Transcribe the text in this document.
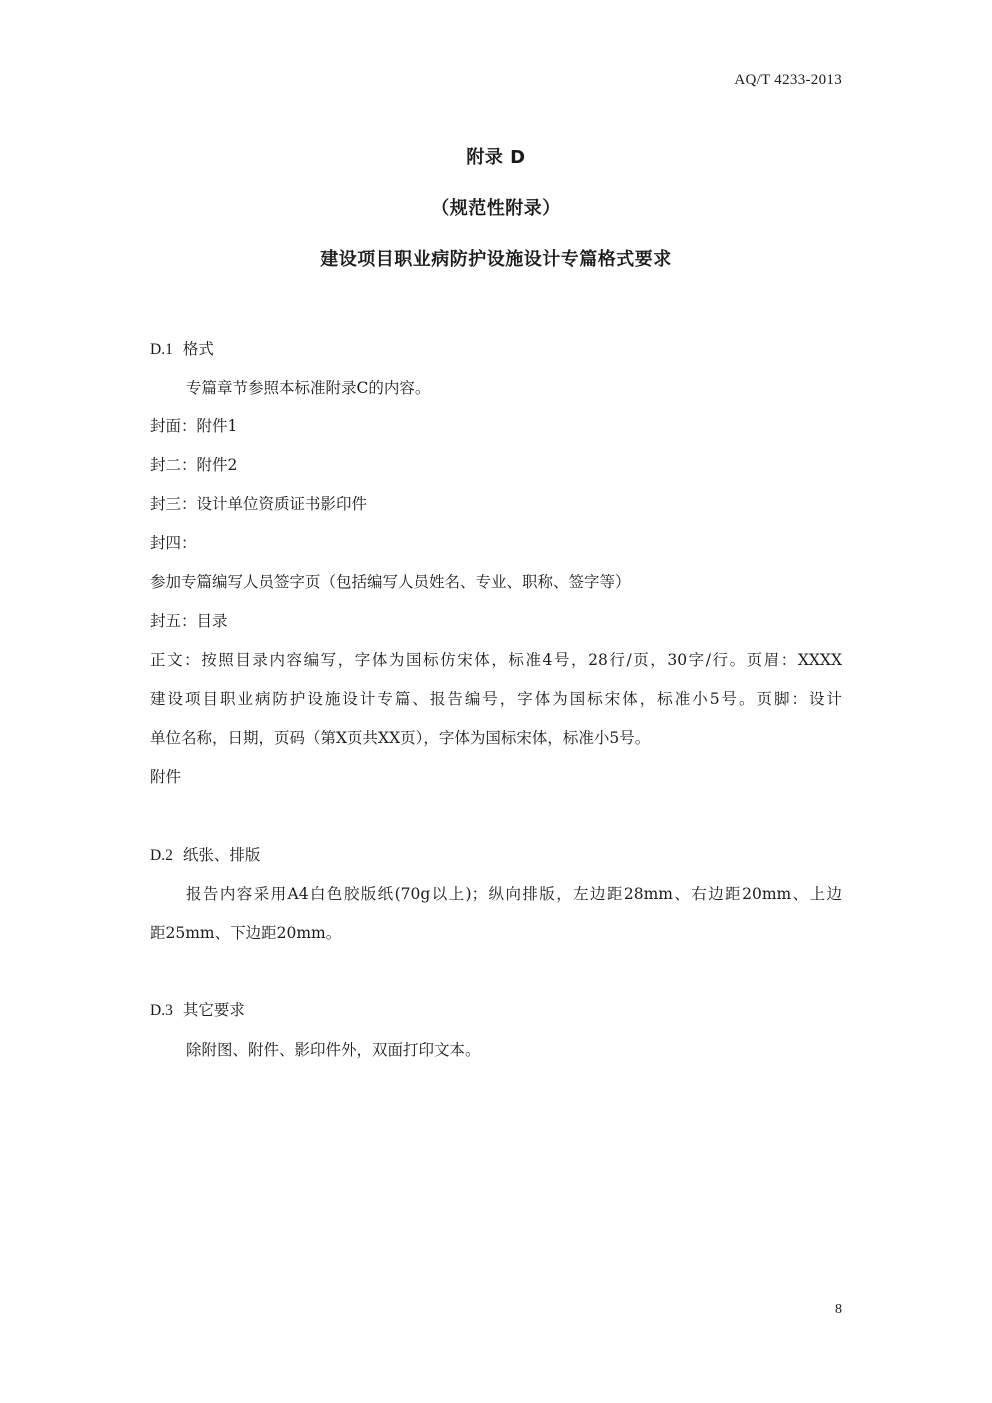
AQ/T 4233-2013
附录 D
（规范性附录）
建设项目职业病防护设施设计专篇格式要求
D.1 格式
专篇章节参照本标准附录C的内容。
封面：附件1
封二：附件2
封三：设计单位资质证书影印件
封四：
参加专篇编写人员签字页（包括编写人员姓名、专业、职称、签字等）
封五：目录
正文：按照目录内容编写，字体为国标仿宋体，标准4号，28行/页，30字/行。页眉：XXXX
建设项目职业病防护设施设计专篇、报告编号，字体为国标宋体，标准小5号。页脚：设计
单位名称，日期，页码（第X页共XX页），字体为国标宋体，标准小5号。
附件
D.2 纸张、排版
报告内容采用A4白色胶版纸(70g以上)；纵向排版，左边距28mm、右边距20mm、上边
距25mm、下边距20mm。
D.3 其它要求
除附图、附件、影印件外，双面打印文本。
8
